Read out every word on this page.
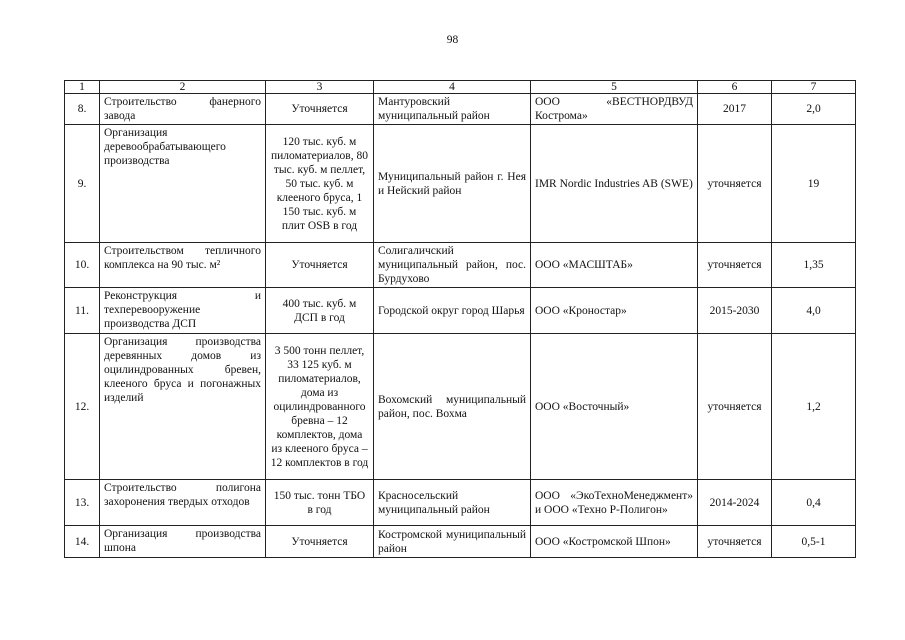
98
1	2	3	4	5	6	7
8.	Строительство фанерного завода	Уточняется	Мантуровский муниципальный район	ООО «ВЕСТНОРДВУД Кострома»	2017	2,0
9.	Организация деревообрабатывающего производства	120 тыс. куб. м пиломатериалов, 80 тыс. куб. м пеллет, 50 тыс. куб. м клееного бруса, 1 150 тыс. куб. м плит OSB в год	Муниципальный район г. Нея и Нейский район	IMR Nordic Industries AB (SWE)	уточняется	19
10.	Строительством тепличного комплекса на 90 тыс. м²	Уточняется	Солигаличский муниципальный район, пос. Бурдухово	ООО «МАСШТАБ»	уточняется	1,35
11.	Реконструкция и техперевооружение производства ДСП	400 тыс. куб. м ДСП в год	Городской округ город Шарья	ООО «Кроностар»	2015-2030	4,0
12.	Организация производства деревянных домов из оцилиндрованных бревен, клееного бруса и погонажных изделий	3 500 тонн пеллет, 33 125 куб. м пиломатериалов, дома из оцилиндрованного бревна – 12 комплектов, дома из клееного бруса – 12 комплектов в год	Вохомский муниципальный район, пос. Вохма	ООО «Восточный»	уточняется	1,2
13.	Строительство полигона захоронения твердых отходов	150 тыс. тонн ТБО в год	Красносельский муниципальный район	ООО «ЭкоТехноМенеджмент» и ООО «Техно Р-Полигон»	2014-2024	0,4
14.	Организация производства шпона	Уточняется	Костромской муниципальный район	ООО «Костромской Шпон»	уточняется	0,5-1
